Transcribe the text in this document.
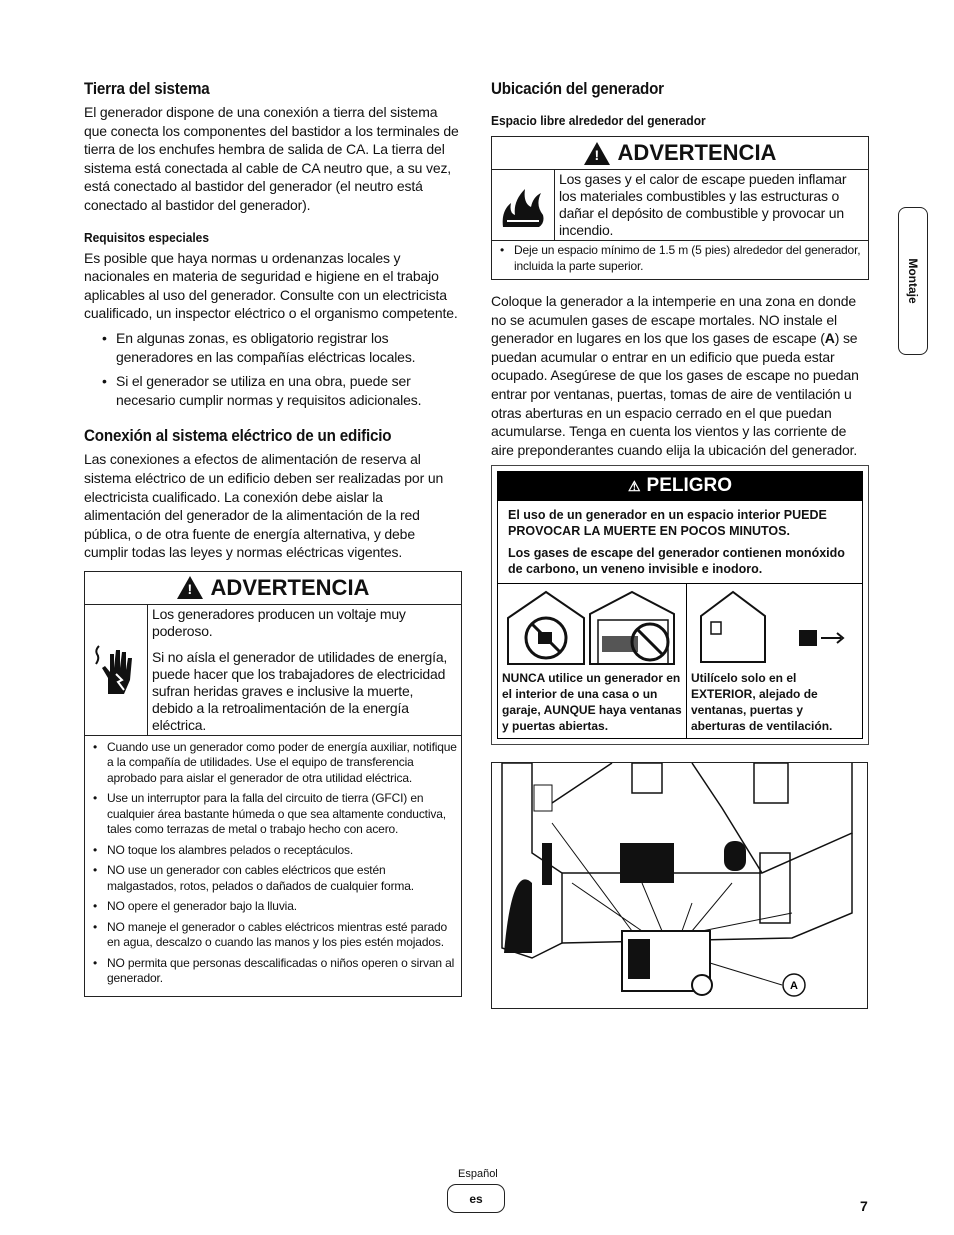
Tierra del sistema

El generador dispone de una conexión a tierra del sistema que conecta los componentes del bastidor a los terminales de tierra de los enchufes hembra de salida de CA. La tierra del sistema está conectada al cable de CA neutro que, a su vez, está conectado al bastidor del generador (el neutro está conectado al bastidor del generador).

Requisitos especiales

Es posible que haya normas u ordenanzas locales y nacionales en materia de seguridad e higiene en el trabajo aplicables al uso del generador. Consulte con un electricista cualificado, un inspector eléctrico o el organismo competente.

• En algunas zonas, es obligatorio registrar los generadores en las compañías eléctricas locales.
• Si el generador se utiliza en una obra, puede ser necesario cumplir normas y requisitos adicionales.
Conexión al sistema eléctrico de un edificio

Las conexiones a efectos de alimentación de reserva al sistema eléctrico de un edificio deben ser realizadas por un electricista cualificado. La conexión debe aislar la alimentación del generador de la alimentación de la red pública, o de otra fuente de energía alternativa, y debe cumplir todas las leyes y normas eléctricas vigentes.

! ADVERTENCIA
Los generadores producen un voltaje muy poderoso.
Si no aísla el generador de utilidades de energía, puede hacer que los trabajadores de electricidad sufran heridas graves e inclusive la muerte, debido a la retroalimentación de la energía eléctrica.
• Cuando use un generador como poder de energía auxiliar, notifique a la compañía de utilidades. Use el equipo de transferencia aprobado para aislar el generador de otra utilidad eléctrica.
• Use un interruptor para la falla del circuito de tierra (GFCI) en cualquier área bastante húmeda o que sea altamente conductiva, tales como terrazas de metal o trabajo hecho con acero.
• NO toque los alambres pelados o receptáculos.
• NO use un generador con cables eléctricos que estén malgastados, rotos, pelados o dañados de cualquier forma.
• NO opere el generador bajo la lluvia.
• NO maneje el generador o cables eléctricos mientras esté parado en agua, descalzo o cuando las manos y los pies estén mojados.
• NO permita que personas descalificadas o niños operen o sirvan al generador.
Ubicación del generador
Espacio libre alrededor del generador
! ADVERTENCIA
Los gases y el calor de escape pueden inflamar los materiales combustibles y las estructuras o dañar el depósito de combustible y provocar un incendio.
• Deje un espacio mínimo de 1.5 m (5 pies) alrededor del generador, incluida la parte superior.

Coloque la generador a la intemperie en una zona en donde no se acumulen gases de escape mortales. NO instale el generador en lugares en los que los gases de escape (A) se puedan acumular o entrar en un edificio que pueda estar ocupado. Asegúrese de que los gases de escape no puedan entrar por ventanas, puertas, tomas de aire de ventilación u otras aberturas en un espacio cerrado en el que puedan acumularse. Tenga en cuenta los vientos y las corriente de aire preponderantes cuando elija la ubicación del generador.

⚠ PELIGRO
El uso de un generador en un espacio interior PUEDE PROVOCAR LA MUERTE EN POCOS MINUTOS.
Los gases de escape del generador contienen monóxido de carbono, un veneno invisible e inodoro.
NUNCA utilice un generador en el interior de una casa o un garaje, AUNQUE haya ventanas y puertas abiertas.
Utilícelo solo en el EXTERIOR, alejado de ventanas, puertas y aberturas de ventilación.
A
Montaje
Español
es	7
